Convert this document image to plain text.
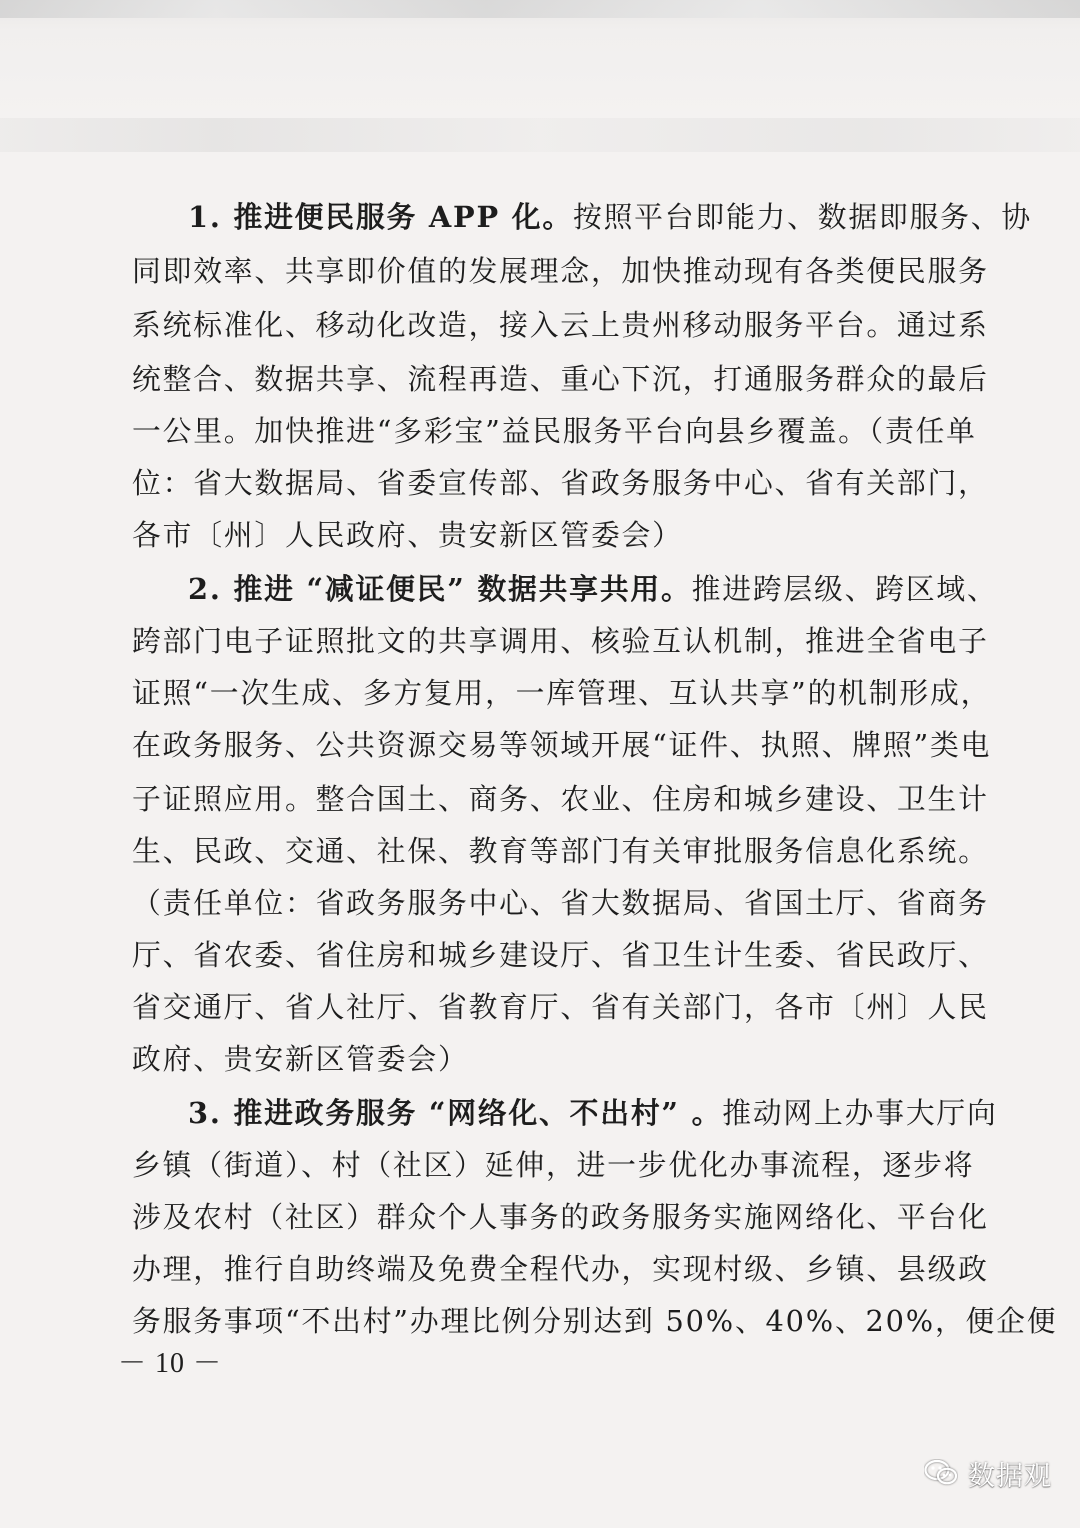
1. 推进便民服务 APP 化。按照平台即能力、数据即服务、协
同即效率、共享即价值的发展理念，加快推动现有各类便民服务
系统标准化、移动化改造，接入云上贵州移动服务平台。通过系
统整合、数据共享、流程再造、重心下沉，打通服务群众的最后
一公里。加快推进“多彩宝”益民服务平台向县乡覆盖。（责任单
位：省大数据局、省委宣传部、省政务服务中心、省有关部门，
各市〔州〕人民政府、贵安新区管委会）
2. 推进 “减证便民” 数据共享共用。推进跨层级、跨区域、
跨部门电子证照批文的共享调用、核验互认机制，推进全省电子
证照“一次生成、多方复用，一库管理、互认共享”的机制形成，
在政务服务、公共资源交易等领域开展“证件、执照、牌照”类电
子证照应用。整合国土、商务、农业、住房和城乡建设、卫生计
生、民政、交通、社保、教育等部门有关审批服务信息化系统。
（责任单位：省政务服务中心、省大数据局、省国土厅、省商务
厅、省农委、省住房和城乡建设厅、省卫生计生委、省民政厅、
省交通厅、省人社厅、省教育厅、省有关部门，各市〔州〕人民
政府、贵安新区管委会）
3. 推进政务服务 “网络化、不出村” 。推动网上办事大厅向
乡镇（街道）、村（社区）延伸，进一步优化办事流程，逐步将
涉及农村（社区）群众个人事务的政务服务实施网络化、平台化
办理，推行自助终端及免费全程代办，实现村级、乡镇、县级政
务服务事项“不出村”办理比例分别达到 50%、40%、20%，便企便
－ 10 －
数据观
